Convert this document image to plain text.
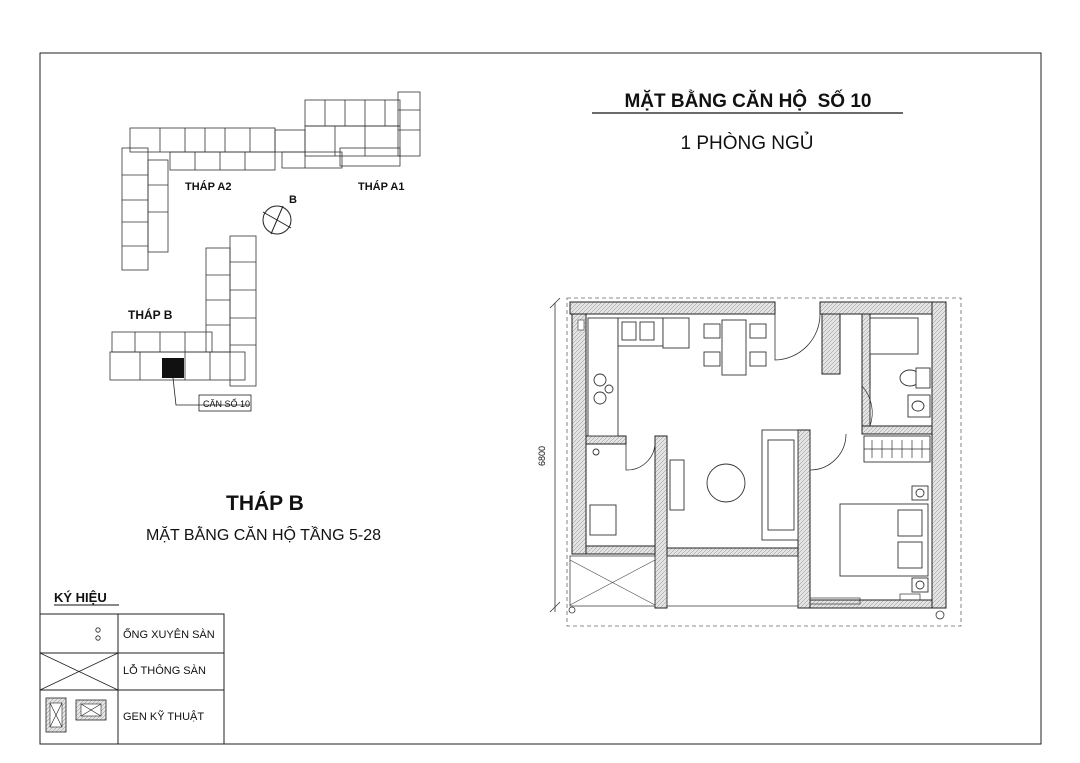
MẶT BẰNG CĂN HỘ  SỐ 10
1 PHÒNG NGỦ
THÁP A2	THÁP A1
THÁP B
B
CĂN SỐ 10
6800
THÁP B
MẶT BẰNG CĂN HỘ TẦNG 5-28
KÝ HIỆU
ỐNG XUYÊN SÀN
LỖ THÔNG SÀN
GEN KỸ THUẬT
